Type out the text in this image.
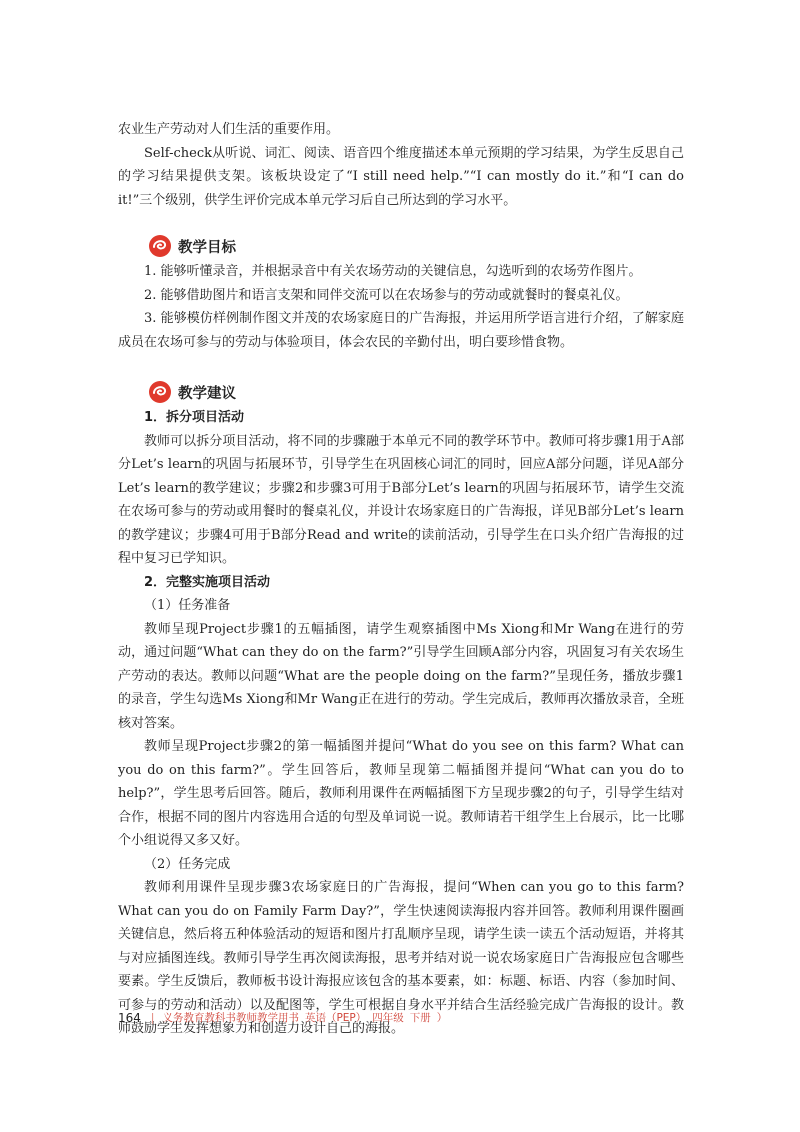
农业生产劳动对人们生活的重要作用。

Self-check从听说、词汇、阅读、语音四个维度描述本单元预期的学习结果，为学生反思自己的学习结果提供支架。该板块设定了“I still need help.”“I can mostly do it.”和“I can do it!”三个级别，供学生评价完成本单元学习后自己所达到的学习水平。

教学目标

1. 能够听懂录音，并根据录音中有关农场劳动的关键信息，勾选听到的农场劳作图片。

2. 能够借助图片和语言支架和同伴交流可以在农场参与的劳动或就餐时的餐桌礼仪。

3. 能够模仿样例制作图文并茂的农场家庭日的广告海报，并运用所学语言进行介绍，了解家庭成员在农场可参与的劳动与体验项目，体会农民的辛勤付出，明白要珍惜食物。

教学建议
1．拆分项目活动

教师可以拆分项目活动，将不同的步骤融于本单元不同的教学环节中。教师可将步骤1用于A部分Let’s learn的巩固与拓展环节，引导学生在巩固核心词汇的同时，回应A部分问题，详见A部分Let’s learn的教学建议；步骤2和步骤3可用于B部分Let’s learn的巩固与拓展环节，请学生交流在农场可参与的劳动或用餐时的餐桌礼仪，并设计农场家庭日的广告海报，详见B部分Let’s learn的教学建议；步骤4可用于B部分Read and write的读前活动，引导学生在口头介绍广告海报的过程中复习已学知识。

2．完整实施项目活动

（1）任务准备

教师呈现Project步骤1的五幅插图，请学生观察插图中Ms Xiong和Mr Wang在进行的劳动，通过问题“What can they do on the farm?”引导学生回顾A部分内容，巩固复习有关农场生产劳动的表达。教师以问题“What are the people doing on the farm?”呈现任务，播放步骤1的录音，学生勾选Ms Xiong和Mr Wang正在进行的劳动。学生完成后，教师再次播放录音，全班核对答案。

教师呈现Project步骤2的第一幅插图并提问“What do you see on this farm? What can you do on this farm?”。学生回答后，教师呈现第二幅插图并提问“What can you do to help?”，学生思考后回答。随后，教师利用课件在两幅插图下方呈现步骤2的句子，引导学生结对合作，根据不同的图片内容选用合适的句型及单词说一说。教师请若干组学生上台展示，比一比哪个小组说得又多又好。

（2）任务完成

教师利用课件呈现步骤3农场家庭日的广告海报，提问“When can you go to this farm? What can you do on Family Farm Day?”，学生快速阅读海报内容并回答。教师利用课件圈画关键信息，然后将五种体验活动的短语和图片打乱顺序呈现，请学生读一读五个活动短语，并将其与对应插图连线。教师引导学生再次阅读海报，思考并结对说一说农场家庭日广告海报应包含哪些要素。学生反馈后，教师板书设计海报应该包含的基本要素，如：标题、标语、内容（参加时间、可参与的劳动和活动）以及配图等，学生可根据自身水平并结合生活经验完成广告海报的设计。教师鼓励学生发挥想象力和创造力设计自己的海报。

164 | 义务教育教科书教师教学用书 英语（PEP） 四年级 下册 ）
